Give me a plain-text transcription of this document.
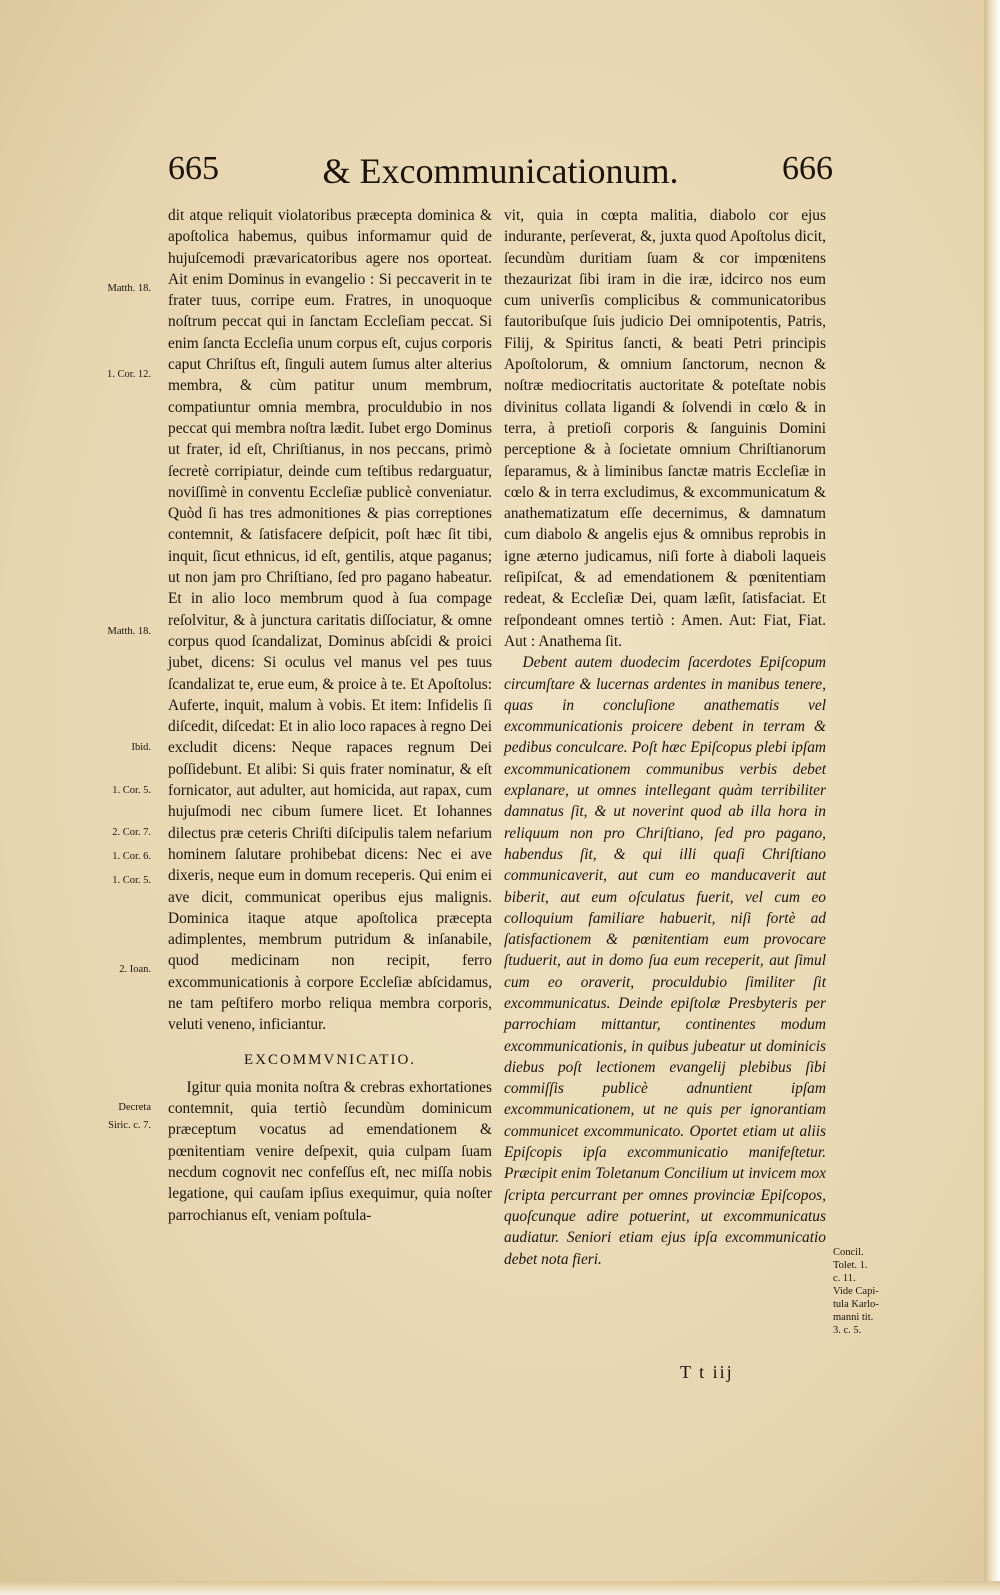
665	& Excommunicationum.	666

dit atque reliquit violatoribus præcepta dominica & apoſtolica habemus, quibus informamur quid de hujuſcemodi prævaricatoribus agere nos oporteat. Ait enim Dominus in evangelio : Si peccaverit in te frater tuus, corripe eum. Fratres, in unoquoque noſtrum peccat qui in ſanctam Eccleſiam peccat. Si enim ſancta Eccleſia unum corpus eſt, cujus corporis caput Chriſtus eſt, ſinguli autem ſumus alter alterius membra, & cùm patitur unum membrum, compatiuntur omnia membra, proculdubio in nos peccat qui membra noſtra lædit. Iubet ergo Dominus ut frater, id eſt, Chriſtianus, in nos peccans, primò ſecretè corripiatur, deinde cum teſtibus redarguatur, noviſſimè in conventu Eccleſiæ publicè conveniatur. Quòd ſi has tres admonitiones & pias correptiones contemnit, & ſatisfacere deſpicit, poſt hæc ſit tibi, inquit, ſicut ethnicus, id eſt, gentilis, atque paganus; ut non jam pro Chriſtiano, ſed pro pagano habeatur. Et in alio loco membrum quod à ſua compage reſolvitur, & à junctura caritatis diſſociatur, & omne corpus quod ſcandalizat, Dominus abſcidi & proici jubet, dicens: Si oculus vel manus vel pes tuus ſcandalizat te, erue eum, & proice à te. Et Apoſtolus: Auferte, inquit, malum à vobis. Et item: Infidelis ſi diſcedit, diſcedat: Et in alio loco rapaces à regno Dei excludit dicens: Neque rapaces regnum Dei poſſidebunt. Et alibi: Si quis frater nominatur, & eſt fornicator, aut adulter, aut homicida, aut rapax, cum hujuſmodi nec cibum ſumere licet. Et Iohannes dilectus præ ceteris Chriſti diſcipulis talem nefarium hominem ſalutare prohibebat dicens: Nec ei ave dixeris, neque eum in domum receperis. Qui enim ei ave dicit, communicat operibus ejus malignis. Dominica itaque atque apoſtolica præcepta adimplentes, membrum putridum & inſanabile, quod medicinam non recipit, ferro excommunicationis à corpore Eccleſiæ abſcidamus, ne tam peſtifero morbo reliqua membra corporis, veluti veneno, inficiantur.

EXCOMMVNICATIO.

Igitur quia monita noſtra & crebras exhortationes contemnit, quia tertiò ſecundùm dominicum præceptum vocatus ad emendationem & pœnitentiam venire deſpexit, quia culpam ſuam necdum cognovit nec confeſſus eſt, nec miſſa nobis legatione, qui cauſam ipſius exequimur, quia noſter parrochianus eſt, veniam poſtula-

vit, quia in cœpta malitia, diabolo cor ejus indurante, perſeverat, &, juxta quod Apoſtolus dicit, ſecundùm duritiam ſuam & cor impœnitens thezaurizat ſibi iram in die iræ, idcirco nos eum cum univerſis complicibus & communicatoribus fautoribuſque ſuis judicio Dei omnipotentis, Patris, Filij, & Spiritus ſancti, & beati Petri principis Apoſtolorum, & omnium ſanctorum, necnon & noſtræ mediocritatis auctoritate & poteſtate nobis divinitus collata ligandi & ſolvendi in cœlo & in terra, à pretioſi corporis & ſanguinis Domini perceptione & à ſocietate omnium Chriſtianorum ſeparamus, & à liminibus ſanctæ matris Eccleſiæ in cœlo & in terra excludimus, & excommunicatum & anathematizatum eſſe decernimus, & damnatum cum diabolo & angelis ejus & omnibus reprobis in igne æterno judicamus, niſi forte à diaboli laqueis reſipiſcat, & ad emendationem & pœnitentiam redeat, & Eccleſiæ Dei, quam læſit, ſatisfaciat. Et reſpondeant omnes tertiò : Amen. Aut: Fiat, Fiat. Aut : Anathema ſit.

Debent autem duodecim ſacerdotes Epiſcopum circumſtare & lucernas ardentes in manibus tenere, quas in concluſione anathematis vel excommunicationis proicere debent in terram & pedibus conculcare. Poſt hæc Epiſcopus plebi ipſam excommunicationem communibus verbis debet explanare, ut omnes intellegant quàm terribiliter damnatus ſit, & ut noverint quod ab illa hora in reliquum non pro Chriſtiano, ſed pro pagano, habendus ſit, & qui illi quaſi Chriſtiano communicaverit, aut cum eo manducaverit aut biberit, aut eum oſculatus fuerit, vel cum eo colloquium familiare habuerit, niſi fortè ad ſatisfactionem & pœnitentiam eum provocare ſtuduerit, aut in domo ſua eum receperit, aut ſimul cum eo oraverit, proculdubio ſimiliter ſit excommunicatus. Deinde epiſtolæ Presbyteris per parrochiam mittantur, continentes modum excommunicationis, in quibus jubeatur ut dominicis diebus poſt lectionem evangelij plebibus ſibi commiſſis publicè adnuntient ipſam excommunicationem, ut ne quis per ignorantiam communicet excommunicato. Oportet etiam ut aliis Epiſcopis ipſa excommunicatio manifeſtetur. Præcipit enim Toletanum Concilium ut invicem mox ſcripta percurrant per omnes provinciæ Epiſcopos, quoſcunque adire potuerint, ut excommunicatus audiatur. Seniori etiam ejus ipſa excommunicatio debet nota fieri.

Matth. 18.
1. Cor. 12.
Matth. 18.
Ibid.
1. Cor. 5.
2. Cor. 7.
1. Cor. 6.
1. Cor. 5.
2. Ioan.
Decreta
Siric. c. 7.
Concil.
Tolet. 1.
c. 11.
Vide Capi-
tula Karlo-
manni tit.
3. c. 5.
T t iij
